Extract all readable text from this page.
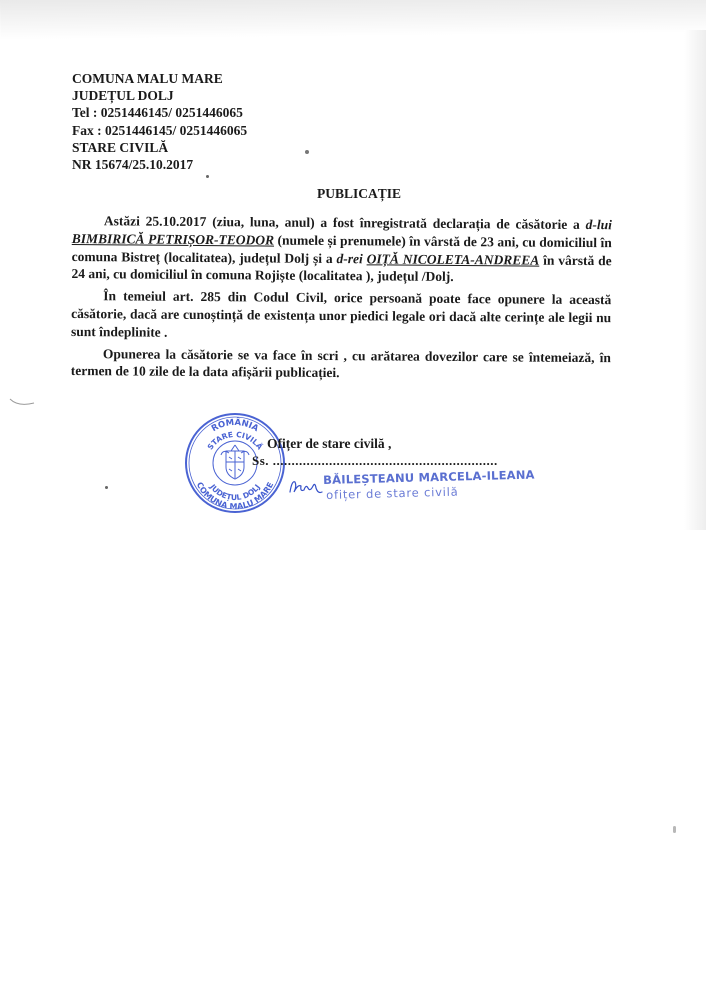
COMUNA MALU MARE
JUDEȚUL DOLJ
Tel : 0251446145/ 0251446065
Fax : 0251446145/ 0251446065
STARE CIVILĂ
NR 15674/25.10.2017
PUBLICAȚIE

Astăzi 25.10.2017 (ziua, luna, anul) a fost înregistrată declarația de căsătorie a d-lui BIMBIRICĂ PETRIȘOR-TEODOR (numele și prenumele) în vârstă de 23 ani, cu domiciliul în comuna Bistreț (localitatea), județul Dolj și a d-rei OIȚĂ NICOLETA-ANDREEA în vârstă de 24 ani, cu domiciliul în comuna Rojiște (localitatea ), județul /Dolj.

În temeiul art. 285 din Codul Civil, orice persoană poate face opunere la această căsătorie, dacă are cunoștință de existența unor piedici legale ori dacă alte cerințe ale legii nu sunt îndeplinite .

Opunerea la căsătorie se va face în scri , cu arătarea dovezilor care se întemeiază, în termen de 10 zile de la data afișării publicației.

ROMÂNIA
STARE CIVILĂ
JUDEȚUL DOLJ
COMUNA MALU MARE
Ofițer de stare civilă ,
Ss. ............................................................
BĂILEȘTEANU MARCELA-ILEANA
ofițer de stare civilă
